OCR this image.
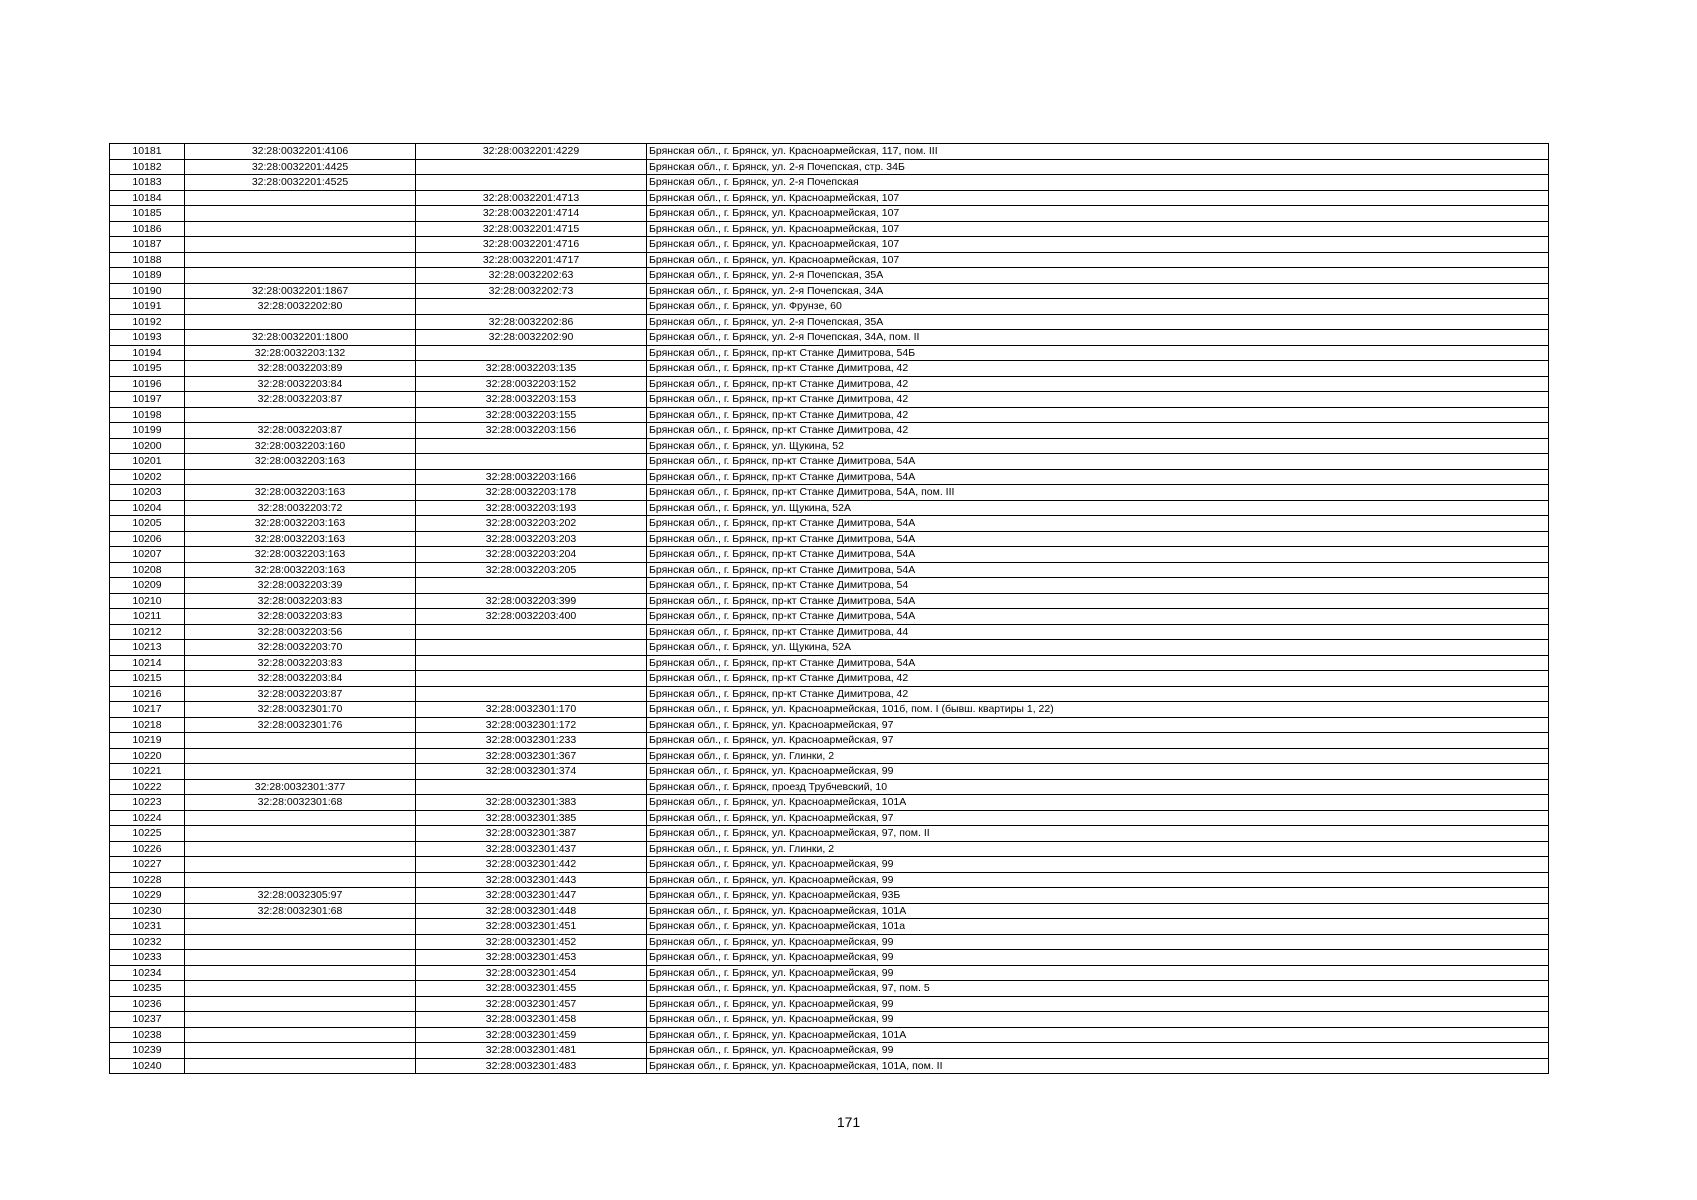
10181	32:28:0032201:4106	32:28:0032201:4229	Брянская обл., г. Брянск, ул. Красноармейская, 117, пом. III
10182	32:28:0032201:4425		Брянская обл., г. Брянск, ул. 2-я Почепская, стр. 34Б
10183	32:28:0032201:4525		Брянская обл., г. Брянск, ул. 2-я Почепская
10184		32:28:0032201:4713	Брянская обл., г. Брянск, ул. Красноармейская, 107
10185		32:28:0032201:4714	Брянская обл., г. Брянск, ул. Красноармейская, 107
10186		32:28:0032201:4715	Брянская обл., г. Брянск, ул. Красноармейская, 107
10187		32:28:0032201:4716	Брянская обл., г. Брянск, ул. Красноармейская, 107
10188		32:28:0032201:4717	Брянская обл., г. Брянск, ул. Красноармейская, 107
10189		32:28:0032202:63	Брянская обл., г. Брянск, ул. 2-я Почепская, 35А
10190	32:28:0032201:1867	32:28:0032202:73	Брянская обл., г. Брянск, ул. 2-я Почепская, 34А
10191	32:28:0032202:80		Брянская обл., г. Брянск, ул. Фрунзе, 60
10192		32:28:0032202:86	Брянская обл., г. Брянск, ул. 2-я Почепская, 35А
10193	32:28:0032201:1800	32:28:0032202:90	Брянская обл., г. Брянск, ул. 2-я Почепская, 34А, пом. II
10194	32:28:0032203:132		Брянская обл., г. Брянск, пр-кт Станке Димитрова, 54Б
10195	32:28:0032203:89	32:28:0032203:135	Брянская обл., г. Брянск, пр-кт Станке Димитрова, 42
10196	32:28:0032203:84	32:28:0032203:152	Брянская обл., г. Брянск, пр-кт Станке Димитрова, 42
10197	32:28:0032203:87	32:28:0032203:153	Брянская обл., г. Брянск, пр-кт Станке Димитрова, 42
10198		32:28:0032203:155	Брянская обл., г. Брянск, пр-кт Станке Димитрова, 42
10199	32:28:0032203:87	32:28:0032203:156	Брянская обл., г. Брянск, пр-кт Станке Димитрова, 42
10200	32:28:0032203:160		Брянская обл., г. Брянск, ул. Щукина, 52
10201	32:28:0032203:163		Брянская обл., г. Брянск, пр-кт Станке Димитрова, 54А
10202		32:28:0032203:166	Брянская обл., г. Брянск, пр-кт Станке Димитрова, 54А
10203	32:28:0032203:163	32:28:0032203:178	Брянская обл., г. Брянск, пр-кт Станке Димитрова, 54А, пом. III
10204	32:28:0032203:72	32:28:0032203:193	Брянская обл., г. Брянск, ул. Щукина, 52А
10205	32:28:0032203:163	32:28:0032203:202	Брянская обл., г. Брянск, пр-кт Станке Димитрова, 54А
10206	32:28:0032203:163	32:28:0032203:203	Брянская обл., г. Брянск, пр-кт Станке Димитрова, 54А
10207	32:28:0032203:163	32:28:0032203:204	Брянская обл., г. Брянск, пр-кт Станке Димитрова, 54А
10208	32:28:0032203:163	32:28:0032203:205	Брянская обл., г. Брянск, пр-кт Станке Димитрова, 54А
10209	32:28:0032203:39		Брянская обл., г. Брянск, пр-кт Станке Димитрова, 54
10210	32:28:0032203:83	32:28:0032203:399	Брянская обл., г. Брянск, пр-кт Станке Димитрова, 54А
10211	32:28:0032203:83	32:28:0032203:400	Брянская обл., г. Брянск, пр-кт Станке Димитрова, 54А
10212	32:28:0032203:56		Брянская обл., г. Брянск, пр-кт Станке Димитрова, 44
10213	32:28:0032203:70		Брянская обл., г. Брянск, ул. Щукина, 52А
10214	32:28:0032203:83		Брянская обл., г. Брянск, пр-кт Станке Димитрова, 54А
10215	32:28:0032203:84		Брянская обл., г. Брянск, пр-кт Станке Димитрова, 42
10216	32:28:0032203:87		Брянская обл., г. Брянск, пр-кт Станке Димитрова, 42
10217	32:28:0032301:70	32:28:0032301:170	Брянская обл., г. Брянск, ул. Красноармейская, 101б, пом. I (бывш. квартиры 1, 22)
10218	32:28:0032301:76	32:28:0032301:172	Брянская обл., г. Брянск, ул. Красноармейская, 97
10219		32:28:0032301:233	Брянская обл., г. Брянск, ул. Красноармейская, 97
10220		32:28:0032301:367	Брянская обл., г. Брянск, ул. Глинки, 2
10221		32:28:0032301:374	Брянская обл., г. Брянск, ул. Красноармейская, 99
10222	32:28:0032301:377		Брянская обл., г. Брянск, проезд Трубчевский, 10
10223	32:28:0032301:68	32:28:0032301:383	Брянская обл., г. Брянск, ул. Красноармейская, 101А
10224		32:28:0032301:385	Брянская обл., г. Брянск, ул. Красноармейская, 97
10225		32:28:0032301:387	Брянская обл., г. Брянск, ул. Красноармейская, 97, пом. II
10226		32:28:0032301:437	Брянская обл., г. Брянск, ул. Глинки, 2
10227		32:28:0032301:442	Брянская обл., г. Брянск, ул. Красноармейская, 99
10228		32:28:0032301:443	Брянская обл., г. Брянск, ул. Красноармейская, 99
10229	32:28:0032305:97	32:28:0032301:447	Брянская обл., г. Брянск, ул. Красноармейская, 93Б
10230	32:28:0032301:68	32:28:0032301:448	Брянская обл., г. Брянск, ул. Красноармейская, 101А
10231		32:28:0032301:451	Брянская обл., г. Брянск, ул. Красноармейская, 101а
10232		32:28:0032301:452	Брянская обл., г. Брянск, ул. Красноармейская, 99
10233		32:28:0032301:453	Брянская обл., г. Брянск, ул. Красноармейская, 99
10234		32:28:0032301:454	Брянская обл., г. Брянск, ул. Красноармейская, 99
10235		32:28:0032301:455	Брянская обл., г. Брянск, ул. Красноармейская, 97, пом. 5
10236		32:28:0032301:457	Брянская обл., г. Брянск, ул. Красноармейская, 99
10237		32:28:0032301:458	Брянская обл., г. Брянск, ул. Красноармейская, 99
10238		32:28:0032301:459	Брянская обл., г. Брянск, ул. Красноармейская, 101А
10239		32:28:0032301:481	Брянская обл., г. Брянск, ул. Красноармейская, 99
10240		32:28:0032301:483	Брянская обл., г. Брянск, ул. Красноармейская, 101А, пом. II
171
